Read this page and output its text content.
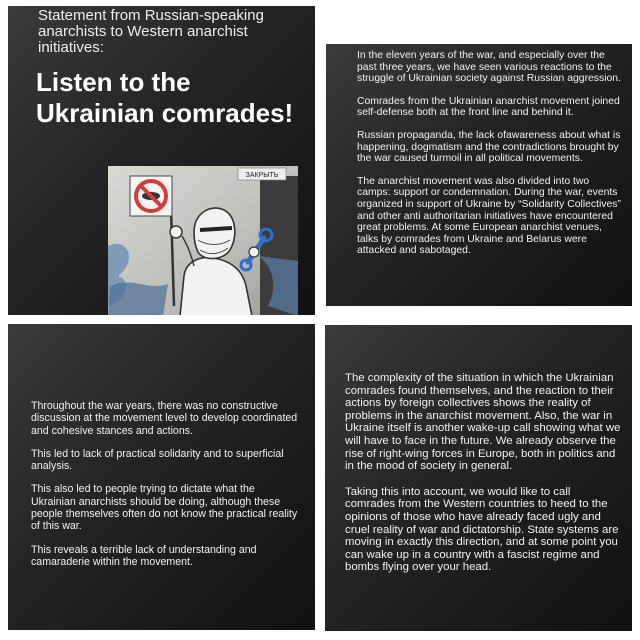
Statement from Russian-speaking anarchists to Western anarchist initiatives:
Listen to the Ukrainian comrades!
ЗАКРЫТЬ

In the eleven years of the war, and especially over the past three years, we have seen various reactions to the struggle of Ukrainian society against Russian aggression.

Comrades from the Ukrainian anarchist movement joined self-defense both at the front line and behind it.

Russian propaganda, the lack ofawareness about what is happening, dogmatism and the contradictions brought by the war caused turmoil in all political movements.

The anarchist movement was also divided into two camps: support or condemnation. During the war, events organized in support of Ukraine by “Solidarity Collectives” and other anti authoritarian initiatives have encountered great problems. At some European anarchist venues, talks by comrades from Ukraine and Belarus were attacked and sabotaged.

Throughout the war years, there was no constructive discussion at the movement level to develop coordinated and cohesive stances and actions.

This led to lack of practical solidarity and to superficial analysis.

This also led to people trying to dictate what the Ukrainian anarchists should be doing, although these people themselves often do not know the practical reality of this war.

This reveals a terrible lack of understanding and camaraderie within the movement.

The complexity of the situation in which the Ukrainian comrades found themselves, and the reaction to their actions by foreign collectives shows the reality of problems in the anarchist movement. Also, the war in Ukraine itself is another wake-up call showing what we will have to face in the future. We already observe the rise of right-wing forces in Europe, both in politics and in the mood of society in general.

Taking this into account, we would like to call comrades from the Western countries to heed to the opinions of those who have already faced ugly and cruel reality of war and dictatorship. State systems are moving in exactly this direction, and at some point you can wake up in a country with a fascist regime and bombs flying over your head.
